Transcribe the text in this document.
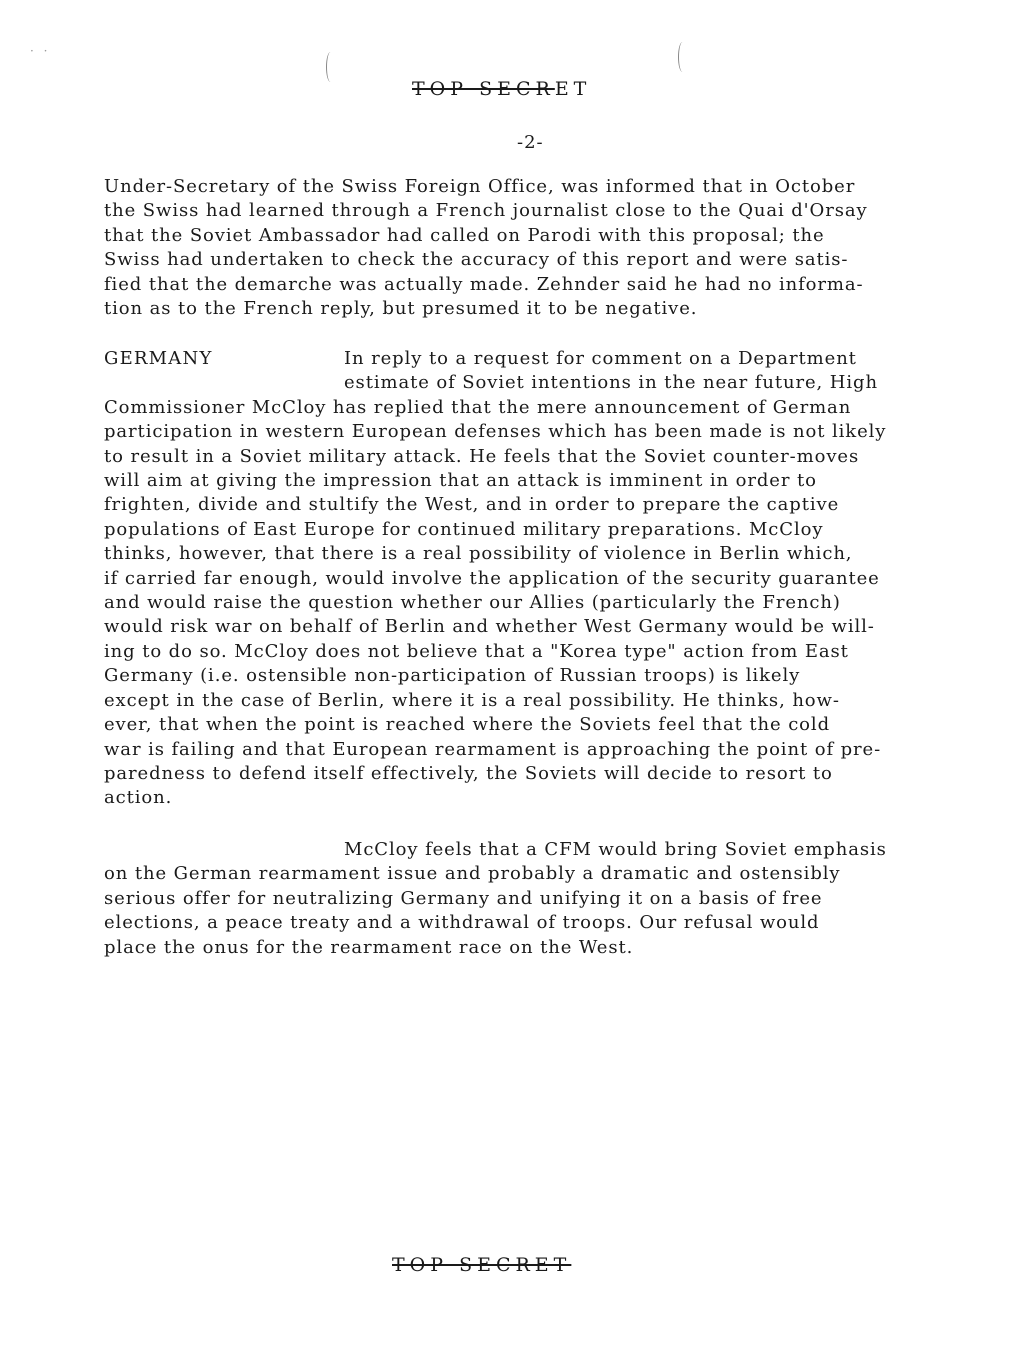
· ·
TOP SECRET
-2-

Under-Secretary of the Swiss Foreign Office, was informed that in October
the Swiss had learned through a French journalist close to the Quai d'Orsay
that the Soviet Ambassador had called on Parodi with this proposal; the
Swiss had undertaken to check the accuracy of this report and were satis-
fied that the demarche was actually made. Zehnder said he had no informa-
tion as to the French reply, but presumed it to be negative.

GERMANY	In reply to a request for comment on a Department
estimate of Soviet intentions in the near future, High
Commissioner McCloy has replied that the mere announcement of German
participation in western European defenses which has been made is not likely
to result in a Soviet military attack. He feels that the Soviet counter-moves
will aim at giving the impression that an attack is imminent in order to
frighten, divide and stultify the West, and in order to prepare the captive
populations of East Europe for continued military preparations. McCloy
thinks, however, that there is a real possibility of violence in Berlin which,
if carried far enough, would involve the application of the security guarantee
and would raise the question whether our Allies (particularly the French)
would risk war on behalf of Berlin and whether West Germany would be will-
ing to do so. McCloy does not believe that a "Korea type" action from East
Germany (i.e. ostensible non-participation of Russian troops) is likely
except in the case of Berlin, where it is a real possibility. He thinks, how-
ever, that when the point is reached where the Soviets feel that the cold
war is failing and that European rearmament is approaching the point of pre-
paredness to defend itself effectively, the Soviets will decide to resort to
action.

McCloy feels that a CFM would bring Soviet emphasis
on the German rearmament issue and probably a dramatic and ostensibly
serious offer for neutralizing Germany and unifying it on a basis of free
elections, a peace treaty and a withdrawal of troops. Our refusal would
place the onus for the rearmament race on the West.

TOP SECRET
